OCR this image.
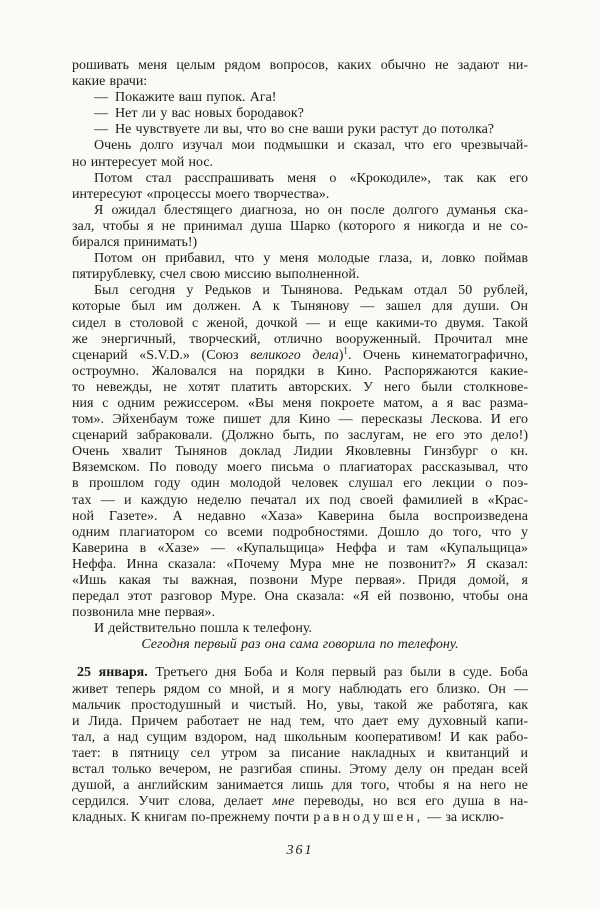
рошивать меня целым рядом вопросов, каких обычно не задают ни-
какие врачи:
— Покажите ваш пупок. Ага!
— Нет ли у вас новых бородавок?
— Не чувствуете ли вы, что во сне ваши руки растут до потолка?
Очень долго изучал мои подмышки и сказал, что его чрезвычай-
но интересует мой нос.
Потом стал расспрашивать меня о «Крокодиле», так как его
интересуют «процессы моего творчества».
Я ожидал блестящего диагноза, но он после долгого думанья ска-
зал, чтобы я не принимал душа Шарко (которого я никогда и не со-
бирался принимать!)
Потом он прибавил, что у меня молодые глаза, и, ловко поймав
пятирублевку, счел свою миссию выполненной.
Был сегодня у Редьков и Тынянова. Редькам отдал 50 рублей,
которые был им должен. А к Тынянову — зашел для души. Он
сидел в столовой с женой, дочкой — и еще какими-то двумя. Такой
же энергичный, творческий, отлично вооруженный. Прочитал мне
сценарий «S.V.D.» (Союз великого дела)$^1$. Очень кинематографично,
остроумно. Жаловался на порядки в Кино. Распоряжаются какие-
то невежды, не хотят платить авторских. У него были столкнове-
ния с одним режиссером. «Вы меня покроете матом, а я вас разма-
том». Эйхенбаум тоже пишет для Кино — пересказы Лескова. И его
сценарий забраковали. (Должно быть, по заслугам, не его это дело!)
Очень хвалит Тынянов доклад Лидии Яковлевны Гинзбург о кн.
Вяземском. По поводу моего письма о плагиаторах рассказывал, что
в прошлом году один молодой человек слушал его лекции о поэ-
тах — и каждую неделю печатал их под своей фамилией в «Крас-
ной Газете». А недавно «Хаза» Каверина была воспроизведена
одним плагиатором со всеми подробностями. Дошло до того, что у
Каверина в «Хазе» — «Купальщица» Неффа и там «Купальщица»
Неффа. Инна сказала: «Почему Мура мне не позвонит?» Я сказал:
«Ишь какая ты важная, позвони Муре первая». Придя домой, я
передал этот разговор Муре. Она сказала: «Я ей позвоню, чтобы она
позвонила мне первая».
И действительно пошла к телефону.
Сегодня первый раз она сама говорила по телефону.
25 января. Третьего дня Боба и Коля первый раз были в суде. Боба
живет теперь рядом со мной, и я могу наблюдать его близко. Он —
мальчик простодушный и чистый. Но, увы, такой же работяга, как
и Лида. Причем работает не над тем, что дает ему духовный капи-
тал, а над сущим вздором, над школьным кооперативом! И как рабо-
тает: в пятницу сел утром за писание накладных и квитанций и
встал только вечером, не разгибая спины. Этому делу он предан всей
душой, а английским занимается лишь для того, чтобы я на него не
сердился. Учит слова, делает мне переводы, но вся его душа в на-
кладных. К книгам по-прежнему почти равнодушен, — за исклю-
361
